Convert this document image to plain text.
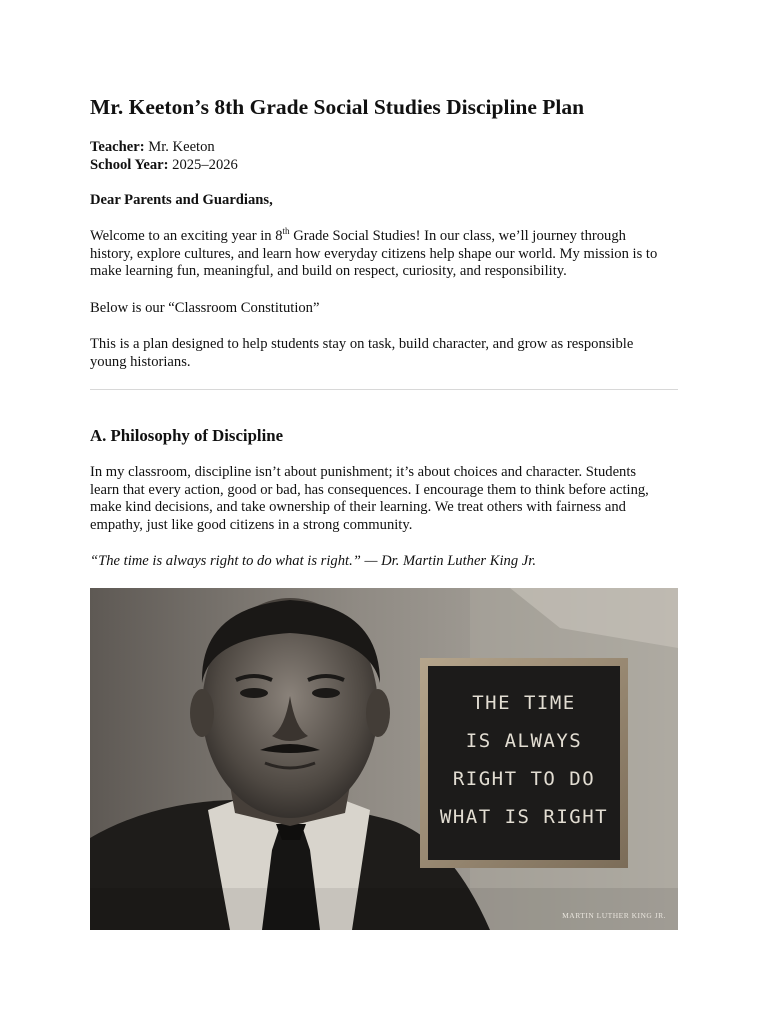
Mr. Keeton’s 8th Grade Social Studies Discipline Plan
Teacher: Mr. Keeton
School Year: 2025–2026

Dear Parents and Guardians,

Welcome to an exciting year in 8th Grade Social Studies! In our class, we’ll journey through
history, explore cultures, and learn how everyday citizens help shape our world. My mission is to
make learning fun, meaningful, and build on respect, curiosity, and responsibility.

Below is our “Classroom Constitution”

This is a plan designed to help students stay on task, build character, and grow as responsible
young historians.

A. Philosophy of Discipline

In my classroom, discipline isn’t about punishment; it’s about choices and character. Students
learn that every action, good or bad, has consequences. I encourage them to think before acting,
make kind decisions, and take ownership of their learning. We treat others with fairness and
empathy, just like good citizens in a strong community.

“The time is always right to do what is right.” — Dr. Martin Luther King Jr.

THE TIME
IS ALWAYS
RIGHT TO DO
WHAT IS RIGHT
MARTIN LUTHER KING JR.
